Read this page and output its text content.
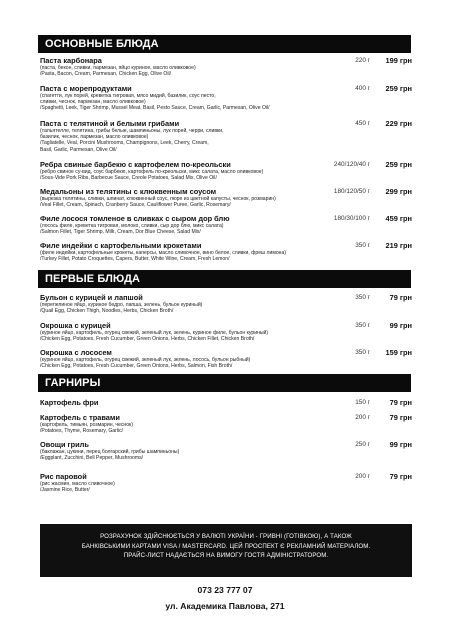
ОСНОВНЫЕ БЛЮДА
Паста карбонара
(паста, бекон, сливки, пармезан, яйцо куриное, масло оливковое)
/Pasta, Bacon, Cream, Parmesan, Chicken Egg, Olive Oil/
220 г 199 грн
Паста с морепродуктами
(спагетти, лук порей, креветка тигровая, мясо мидий, базилик, соус песто,
сливки, чеснок, пармезан, масло оливковое)
/Spaghetti, Leek, Tiger Shrimp, Mussel Meat, Basil, Pesto Sauce, Cream, Garlic, Parmesan, Olive Oil/
400 г 259 грн
Паста с телятиной и белыми грибами
(тальятелле, телятина, грибы белые, шампиньоны, лук порей, черри, сливки,
базилик, чеснок, пармезан, масло оливковое)
/Tagliatelle, Veal, Porcini Mushrooms, Champignons, Leek, Cherry, Cream,
Basil, Garlic, Parmesan, Olive Oil/
450 г 229 грн
Ребра свиные барбекю с картофелем по-креольски
(ребро свиное су-вид, соус барбекю, картофель по-креольски, микс салата, масло оливковое)
/Sous-Vide Pork Ribs, Barbecue Sauce, Creole Potatoes, Salad Mix, Olive Oil/
240/120/40 г 259 грн
Медальоны из телятины с клюквенным соусом
(вырезка телятины, сливки, шпинат, клюквенный соус, пюре из цветной капусты, чеснок, розмарин)
/Veal Fillet, Cream, Spinach, Cranberry Sauce, Cauliflower Puree, Garlic, Rosemary/
180/120/50 г 299 грн
Филе лосося томленое в сливках с сыром дор блю
(лосось филе, креветка тигровая, молоко, сливки, сыр дор блю, микс салата)
/Salmon Fillet, Tiger Shrimp, Milk, Cream, Dor Blue Cheese, Salad Mix/
180/30/100 г 459 грн
Филе индейки с картофельными крокетами
(филе индейки, картофельные крокеты, каперсы, масло сливочное, вино белое, сливки, фреш лимона)
/Turkey Fillet, Potato Croquettes, Capers, Butter, White Wine, Cream, Fresh Lemon/
350 г 219 грн
ПЕРВЫЕ БЛЮДА
Бульон с курицей и лапшой
(перепелиное яйцо, куриное бедро, лапша, зелень, бульон куриный)
/Quail Egg, Chicken Thigh, Noodles, Herbs, Chicken Broth/
350 г	79 грн
Окрошка с курицей
(куриное яйцо, картофель, огурец свежий, зеленый лук, зелень, куриное филе, бульон куриный)
/Chicken Egg, Potatoes, Fresh Cucumber, Green Onions, Herbs, Chicken Fillet, Chicken Broth/
350 г	99 грн
Окрошка с лососем
(куриное яйцо, картофель, огурец свежий, зеленый лук, зелень, лосось, бульон рыбный)
/Chicken Egg, Potatoes, Fresh Cucumber, Green Onions, Herbs, Salmon, Fish Broth/
350 г 159 грн
ГАРНИРЫ
Картофель фри	150 г	79 грн
Картофель с травами
(картофель, тимьян, розмарин, чеснок)
/Potatoes, Thyme, Rosemary, Garlic/
200 г	79 грн
Овощи гриль
(баклажан, цукини, перец болгарский, грибы шампиньоны)
/Eggplant, Zucchini, Bell Pepper, Mushrooms/
250 г	99 грн
Рис паровой
(рис жасмин, масло сливочное)
/Jasmine Rice, Butter/
200 г	79 грн
РОЗРАХУНОК ЗДІЙСНЮЄТЬСЯ У ВАЛЮТІ УКРАЇНИ - ГРИВНІ (ГОТІВКОЮ), А ТАКОЖ
БАНКІВСЬКИМИ КАРТАМИ VISA / MASTERCARD. ЦЕЙ ПРОСПЕКТ Є РЕКЛАМНИЙ МАТЕРІАЛОМ.
ПРАЙС-ЛИСТ НАДАЄТЬСЯ НА ВИМОГУ ГОСТЯ АДМІНІСТРАТОРОМ.
073 23 777 07
ул. Академика Павлова, 271
